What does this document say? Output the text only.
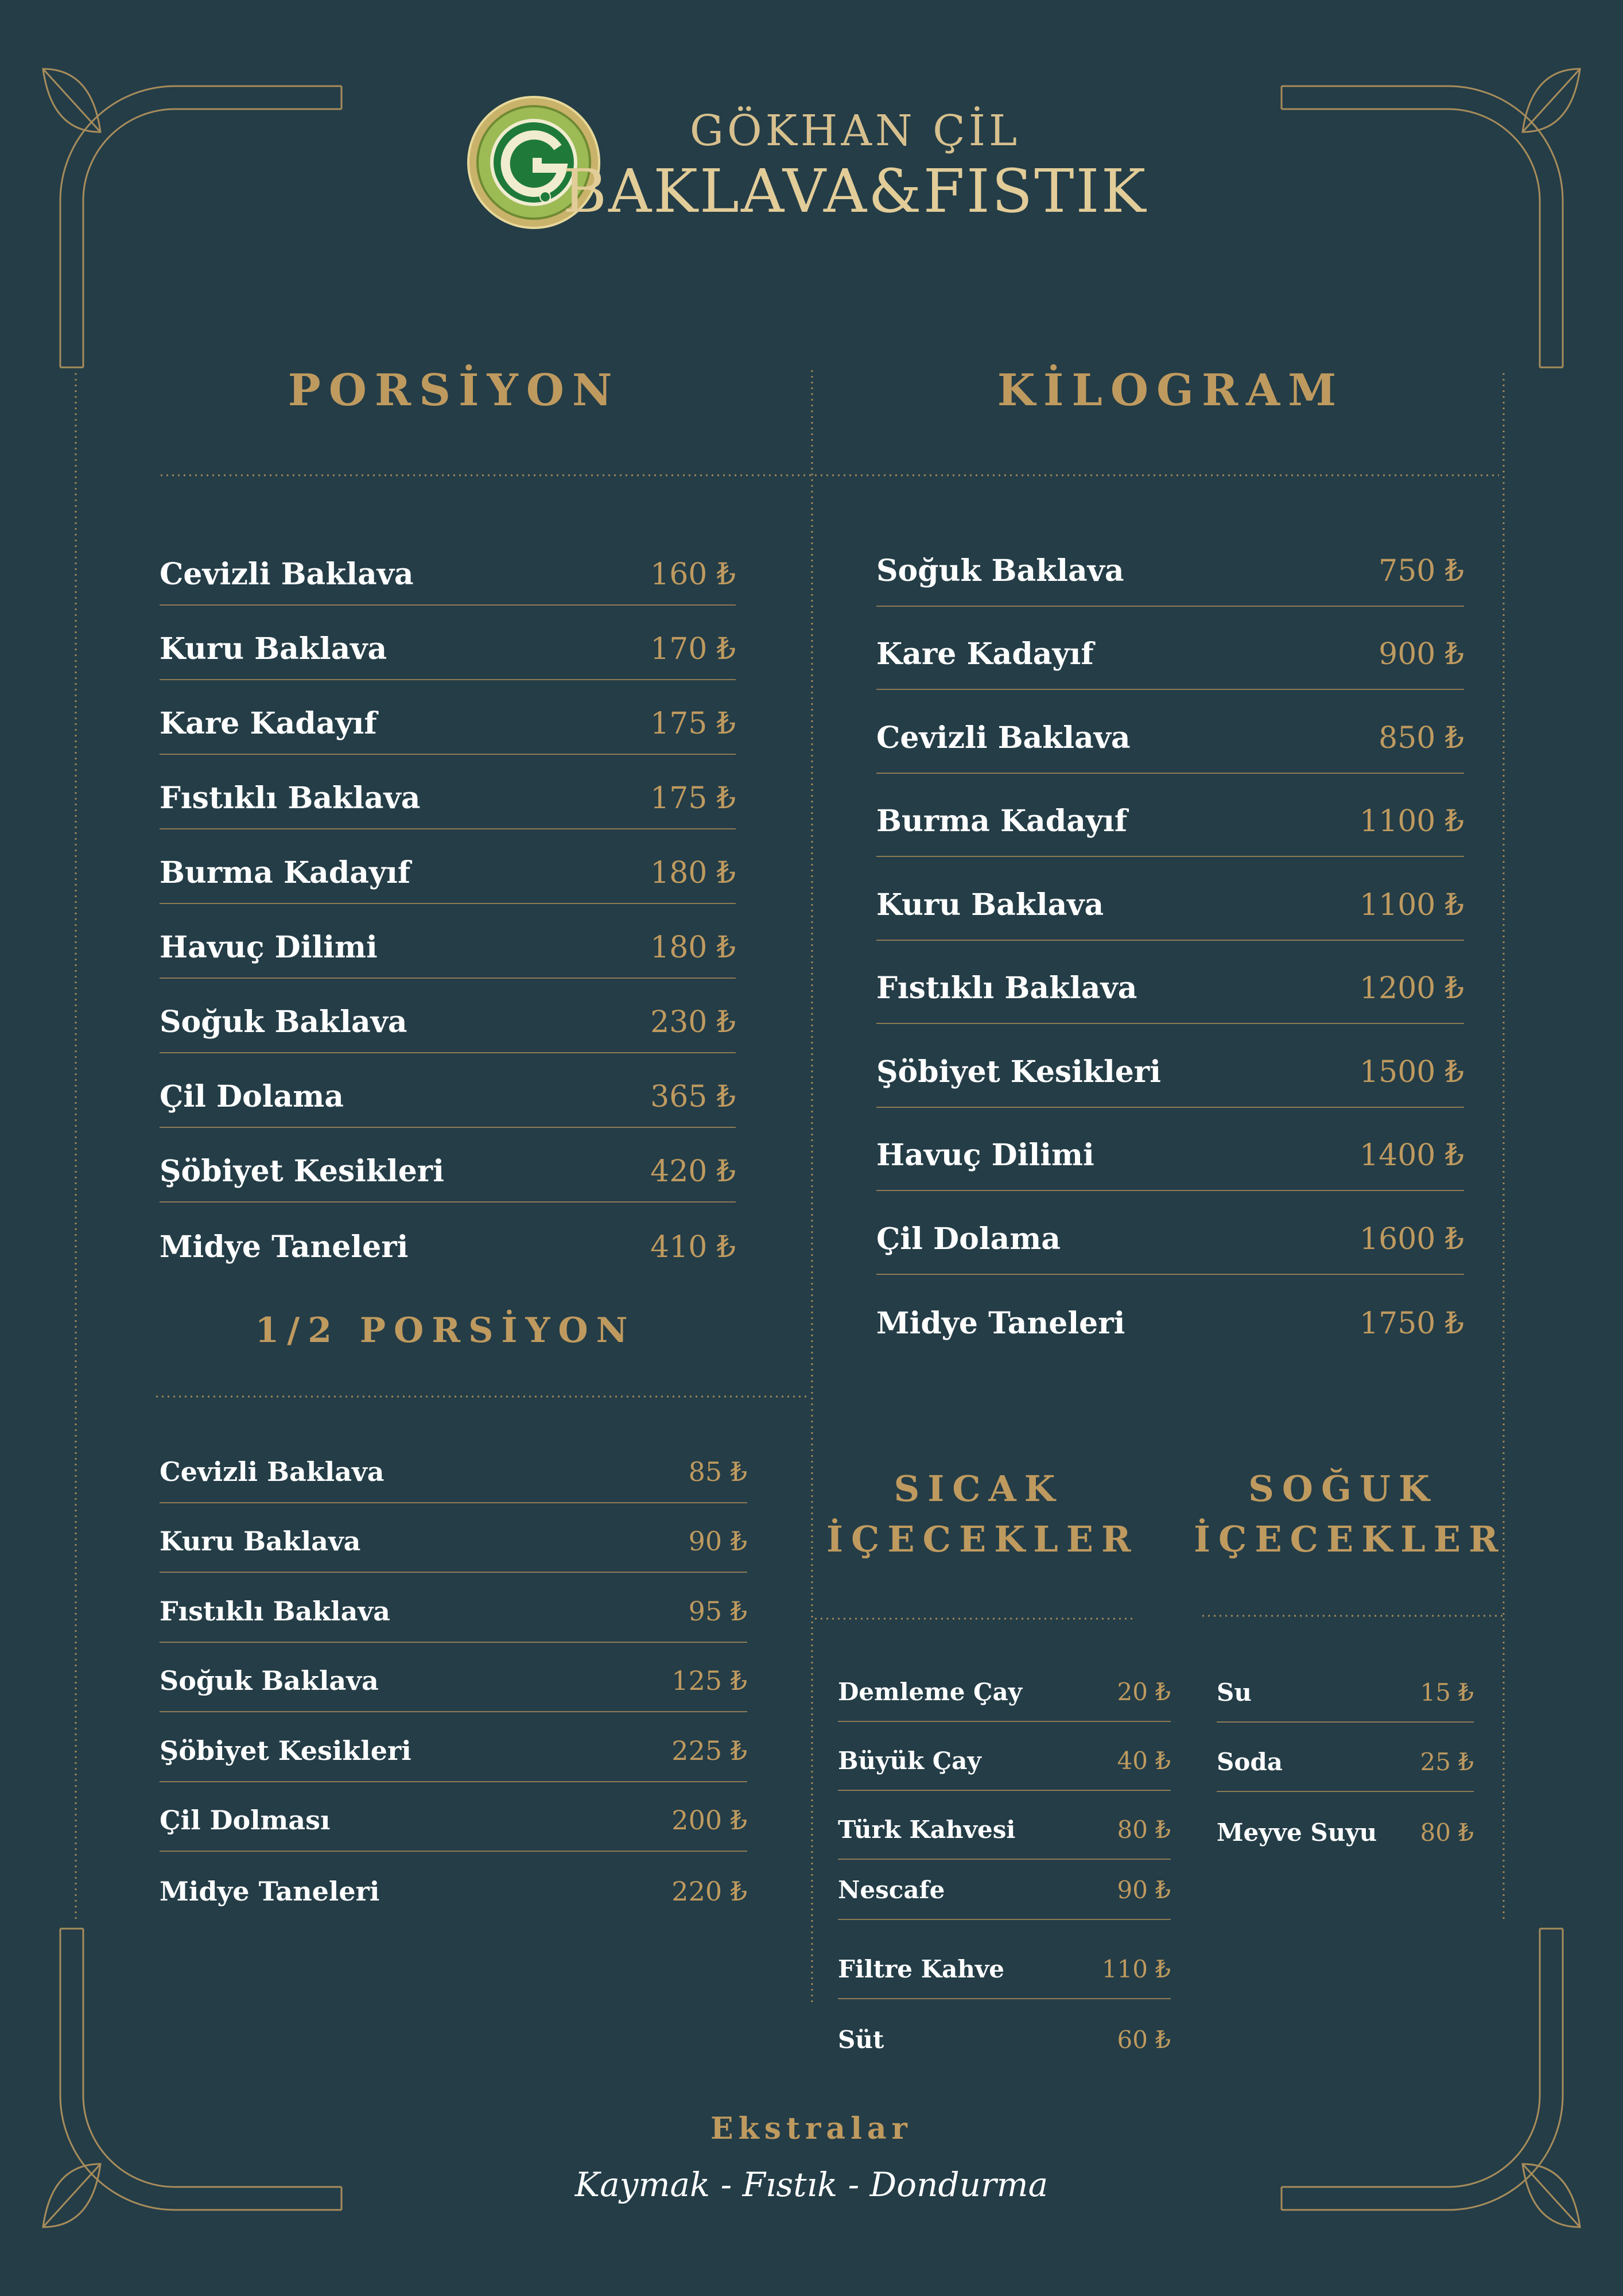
GÖKHAN ÇİL
BAKLAVA&FISTIK
PORSİYON
Cevizli Baklava	160 ₺
Kuru Baklava	170 ₺
Kare Kadayıf	175 ₺
Fıstıklı Baklava	175 ₺
Burma Kadayıf	180 ₺
Havuç Dilimi	180 ₺
Soğuk Baklava	230 ₺
Çil Dolama	365 ₺
Şöbiyet Kesikleri	420 ₺
Midye Taneleri	410 ₺
1/2 PORSİYON
Cevizli Baklava	85 ₺
Kuru Baklava	90 ₺
Fıstıklı Baklava	95 ₺
Soğuk Baklava	125 ₺
Şöbiyet Kesikleri	225 ₺
Çil Dolması	200 ₺
Midye Taneleri	220 ₺
KİLOGRAM
Soğuk Baklava	750 ₺
Kare Kadayıf	900 ₺
Cevizli Baklava	850 ₺
Burma Kadayıf	1100 ₺
Kuru Baklava	1100 ₺
Fıstıklı Baklava	1200 ₺
Şöbiyet Kesikleri	1500 ₺
Havuç Dilimi	1400 ₺
Çil Dolama	1600 ₺
Midye Taneleri	1750 ₺
SICAK
İÇECEKLER
Demleme Çay	20 ₺
Büyük Çay	40 ₺
Türk Kahvesi	80 ₺
Nescafe	90 ₺
Filtre Kahve	110 ₺
Süt	60 ₺
SOĞUK
İÇECEKLER
Su	15 ₺
Soda	25 ₺
Meyve Suyu 80 ₺
Ekstralar
Kaymak - Fıstık - Dondurma
